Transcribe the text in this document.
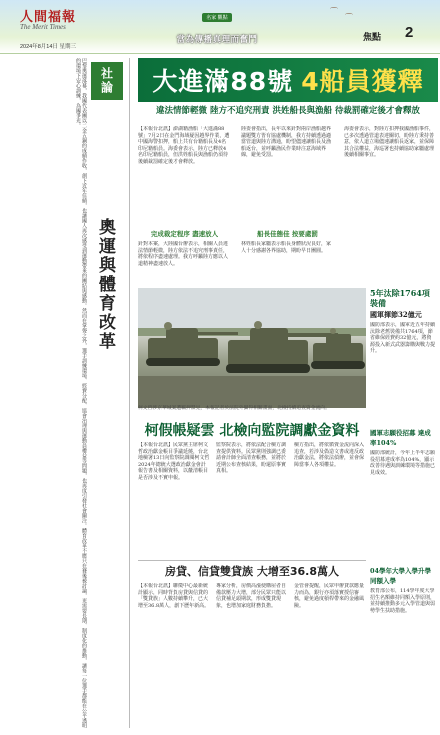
人間福報
The Merit Times
2024年8月14日 星期三
名家 觀點
當為傳播真理而奮鬥
⌒
⌒
焦點 2
巴黎奧運落幕，我國代表團以二金五銅的成績作收，創下近年佳績，也讓國人再次感受到運動帶來的團結與感動。然而在掌聲之外，選手訓練環境、經費分配、協會治理與運動員權益等問題，也再度引發社會關注。體育改革不應只在賽後被討論，更需要長期、制度化的推動，讓每一位選手都能在公平透明的環境下安心訓練，為國爭光。	社論
奧運與體育改革
大進滿88號 4船員獲釋
違法情節輕微 陸方不追究刑責 洪姓船長與漁船 待裁罰確定後才會釋放
【本報台北訊】澎湖籍漁船「大進滿88號」7月2日在金門海域疑因越界作業，遭中國海警扣押，船上共有台籍船長及4名印尼籍船員。海委會表示，陸方已釋放4名印尼籍船員，但洪姓船長與漁船仍須待後續裁罰確定後才會釋放。
完成裁定程序 盡速放人
針對本案，大陸國台辦表示，相關人員違法情節輕微，陸方依法不追究刑事責任，將依程序盡速處理。我方呼籲陸方應以人道精神盡速放人。
陸委會指出，長年以來針對兩岸漁船越界議題雙方皆有協處機制，我方持續透過適當管道與陸方溝通，盼望儘速讓船長及漁船返台，並呼籲漁民作業時注意海域界線，避免受罰。
船長佳態佳 按要處罰
林姓船長家屬表示船長身體狀況良好，家人十分感謝各界協助，期盼早日團圓。
海委會表示，對陸方扣押我國漁船事件，已多次透過管道表達關切，盼陸方秉持善意，依人道立場儘速讓船長返家，並保障其合法權益，海巡署也持續協助家屬處理後續相關事宜。
柯文哲涉京華城案遭羈押禁見，本報記者於法院外攝得相關畫面，北檢持續追查資金流向。
5年汰除1764項裝備
國軍揮節32億元
國防部表示，國軍近五年持續汰除老舊裝備共1764項，節省維保經費約32億元，將資源投入新式武器籌購與戰力提升。
國軍志願役招募 達成率104%
國防部統計，今年上半年志願役招募達成率為104%，顯示改善待遇與訓練環境等措施已見成效。
04學年大學入學升學同額入學
教育部公布，114學年度大學招生名額維持同額入學原則，並持續推動多元入學管道與弱勢學生扶助措施。
柯假帳疑雲 北檢向監院調獻金資料
【本報台北訊】民眾黨主席柯文哲政治獻金帳目爭議延燒，台北地檢署13日向監察院調閱柯文哲2024年總統大選政治獻金會計報告書及相關資料，以釐清帳目是否涉及不實申報。
監察院表示，將依法配合檢方調查提供資料。民眾黨則強調已委請會計師全面清查帳務，並將於近期公布查核結果，盼還原事實真相。
檢方指出，將依循資金流向深入追查，若涉及偽造文書或違反政治獻金法，將依法偵辦，並會保障當事人各項權益。
房貸、信貸雙貸族 大增至36.8萬人
【本報台北訊】聯徵中心最新統計顯示，同時背負房貸與信貸的「雙貸族」人數持續攀升，已大增至36.8萬人，創下歷年新高。
專家分析，房價高漲使購屋者自備款壓力大增，部分民眾只能以信貸補足頭期款，形成雙貸現象，也增加家庭財務負擔。
金管會提醒，民眾申辦貸款應量力而為，銀行亦須落實授信審核，避免過度槓桿帶來的金融風險。
